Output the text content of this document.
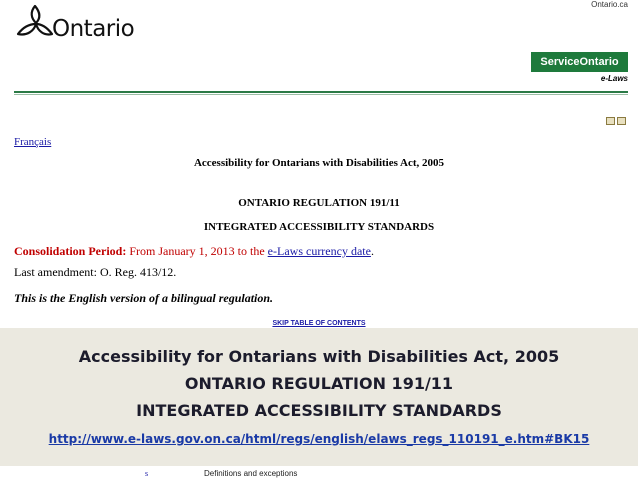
Ontario
Ontario.ca
ServiceOntario
e-Laws
Français
Accessibility for Ontarians with Disabilities Act, 2005
ONTARIO REGULATION 191/11
INTEGRATED ACCESSIBILITY STANDARDS
Consolidation Period: From January 1, 2013 to the e-Laws currency date.
Last amendment: O. Reg. 413/12.
This is the English version of a bilingual regulation.
SKIP TABLE OF CONTENTS
s	Definitions and exceptions
Accessibility for Ontarians with Disabilities Act, 2005
ONTARIO REGULATION 191/11
INTEGRATED ACCESSIBILITY STANDARDS
http://www.e-laws.gov.on.ca/html/regs/english/elaws_regs_110191_e.htm#BK15
